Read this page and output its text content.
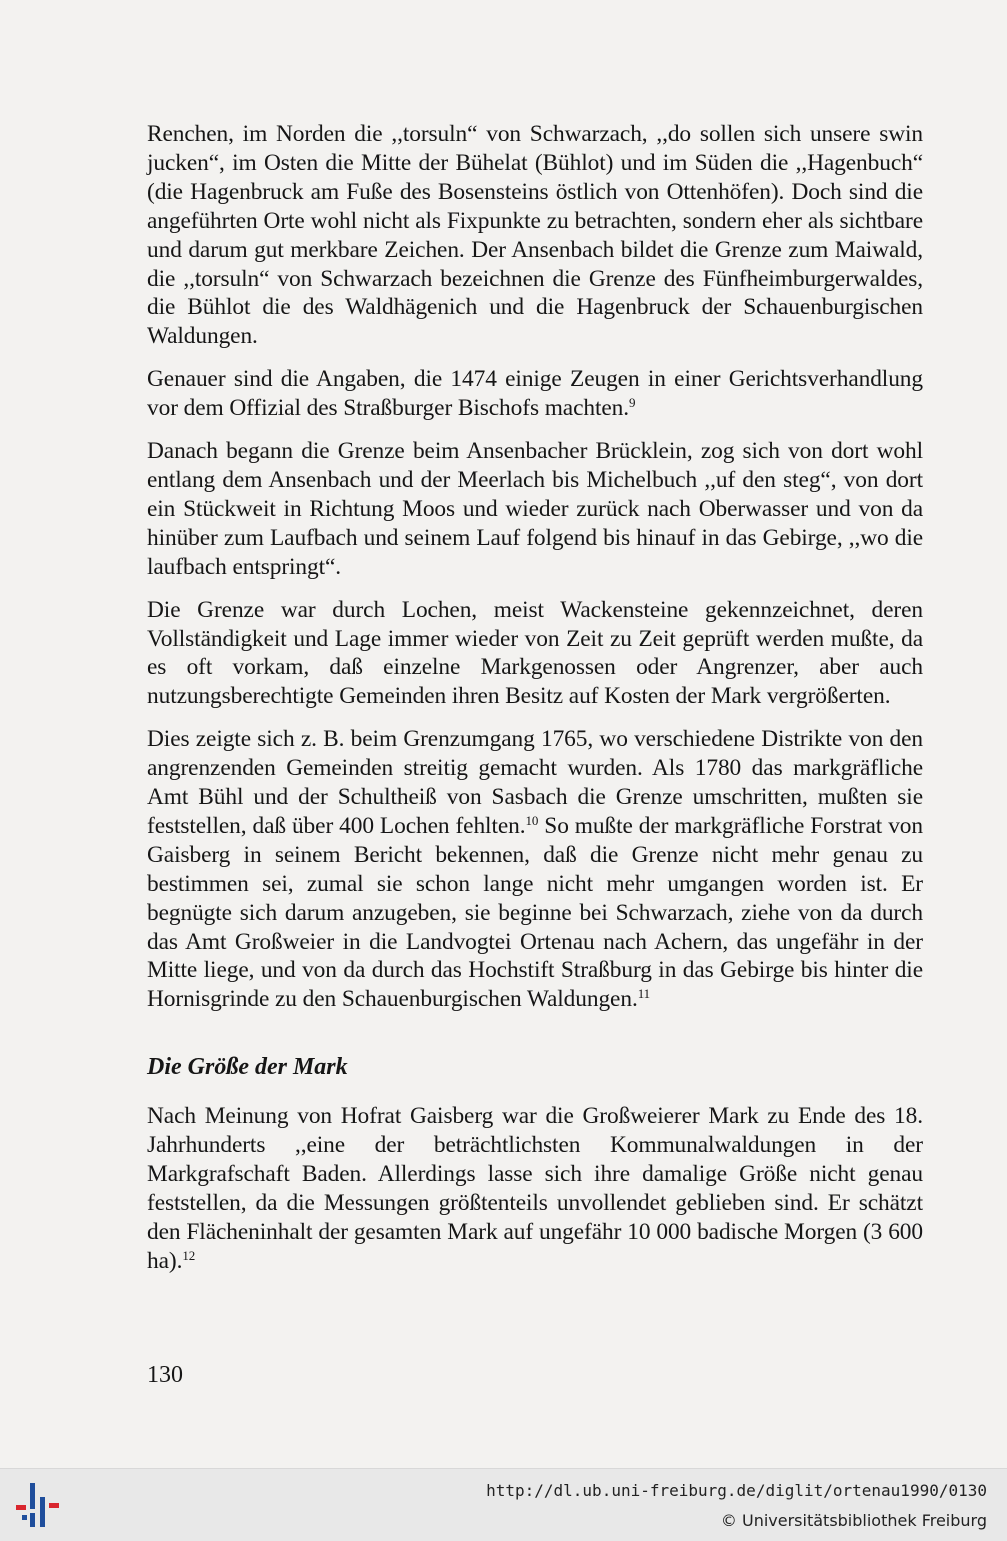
Renchen, im Norden die ,,torsuln“ von Schwarzach, ,,do sollen sich unsere swin jucken“, im Osten die Mitte der Bühelat (Bühlot) und im Süden die ,,Hagenbuch“ (die Hagenbruck am Fuße des Bosensteins östlich von Ottenhöfen). Doch sind die angeführten Orte wohl nicht als Fixpunkte zu betrachten, sondern eher als sichtbare und darum gut merkbare Zeichen. Der Ansenbach bildet die Grenze zum Maiwald, die ,,torsuln“ von Schwarzach bezeichnen die Grenze des Fünfheimburgerwaldes, die Bühlot die des Waldhägenich und die Hagenbruck der Schauenburgischen Waldungen.

Genauer sind die Angaben, die 1474 einige Zeugen in einer Gerichtsverhandlung vor dem Offizial des Straßburger Bischofs machten.$^9$

Danach begann die Grenze beim Ansenbacher Brücklein, zog sich von dort wohl entlang dem Ansenbach und der Meerlach bis Michelbuch ,,uf den steg“, von dort ein Stückweit in Richtung Moos und wieder zurück nach Oberwasser und von da hinüber zum Laufbach und seinem Lauf folgend bis hinauf in das Gebirge, ,,wo die laufbach entspringt“.

Die Grenze war durch Lochen, meist Wackensteine gekennzeichnet, deren Vollständigkeit und Lage immer wieder von Zeit zu Zeit geprüft werden mußte, da es oft vorkam, daß einzelne Markgenossen oder Angrenzer, aber auch nutzungsberechtigte Gemeinden ihren Besitz auf Kosten der Mark vergrößerten.

Dies zeigte sich z. B. beim Grenzumgang 1765, wo verschiedene Distrikte von den angrenzenden Gemeinden streitig gemacht wurden. Als 1780 das markgräfliche Amt Bühl und der Schultheiß von Sasbach die Grenze umschritten, mußten sie feststellen, daß über 400 Lochen fehlten.$^{10}$ So mußte der markgräfliche Forstrat von Gaisberg in seinem Bericht bekennen, daß die Grenze nicht mehr genau zu bestimmen sei, zumal sie schon lange nicht mehr umgangen worden ist. Er begnügte sich darum anzugeben, sie beginne bei Schwarzach, ziehe von da durch das Amt Großweier in die Landvogtei Ortenau nach Achern, das ungefähr in der Mitte liege, und von da durch das Hochstift Straßburg in das Gebirge bis hinter die Hornisgrinde zu den Schauenburgischen Waldungen.$^{11}$

Die Größe der Mark

Nach Meinung von Hofrat Gaisberg war die Großweierer Mark zu Ende des 18. Jahrhunderts ,,eine der beträchtlichsten Kommunalwaldungen in der Markgrafschaft Baden. Allerdings lasse sich ihre damalige Größe nicht genau feststellen, da die Messungen größtenteils unvollendet geblieben sind. Er schätzt den Flächeninhalt der gesamten Mark auf ungefähr 10 000 badische Morgen (3 600 ha).$^{12}$

130
http://dl.ub.uni-freiburg.de/diglit/ortenau1990/0130
© Universitätsbibliothek Freiburg
